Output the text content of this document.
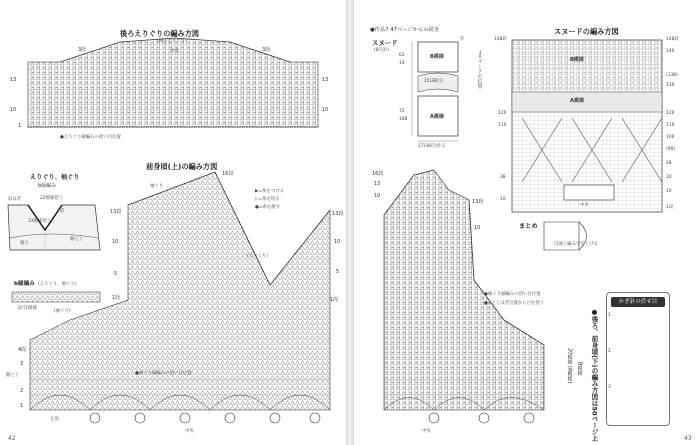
後ろえりぐりの編み方図
(後ろえりぐり)
中央
3段	3段
13
10
13
10
1
●えりぐり縁編みの拾い目位置
前身頃(上)の編み方図
16段
13段
10
5
1段
13段
10
5
1段
袖ぐり
(えりぐり)
▶=糸をつける
▷=糸を切る
●=糸を渡す
4段
3
2
1
脇とじ
中央
左前
(袖ぐり)
●袖ぐり縁編みの拾い目位置
えりぐり、袖ぐり
b縁編み
22模様拾う
33模様拾う
肩はぎ
脇とじ
後ろ
前
b縁編み (えりぐり、袖ぐり)
2目1模様
42
●作品7 47ページからの続き
スヌード
(8号針)
B模様
A模様
63
14
72
188
15(38目)
17(38目)作る
作
スヌードの編み方図
B模様
A模様
148段
140
(138)
130
120
110
100
(90)
28
20
10
1段
148段
120
110
38
10
中央
→=マークの位置
まとめ
目通し編みで仕上げる
16段
13
10
13段
10
●袖ぐり縁編みの拾い目位置
●=とじはぎ位置から目を拾う
中央	●後ろ、前身頃(下)の編み方図は50ページ上
20模様 (A模様) B模様
かぎ針の伏せ目
1
2
3
43
